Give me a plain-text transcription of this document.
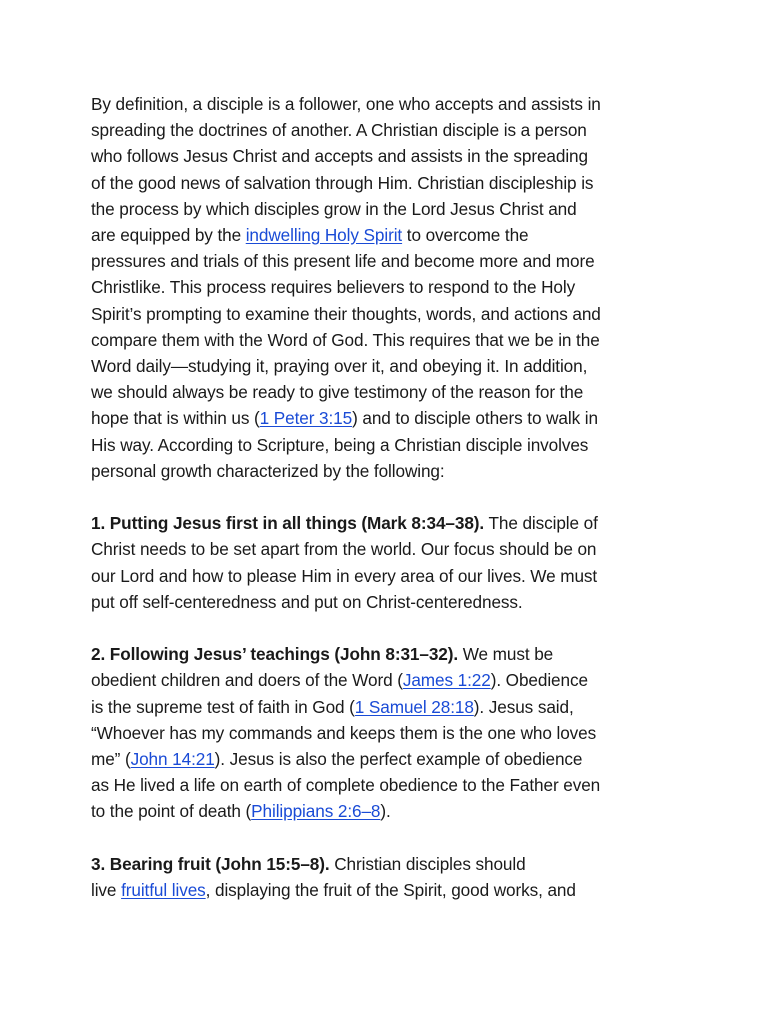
By definition, a disciple is a follower, one who accepts and assists in
spreading the doctrines of another. A Christian disciple is a person
who follows Jesus Christ and accepts and assists in the spreading
of the good news of salvation through Him. Christian discipleship is
the process by which disciples grow in the Lord Jesus Christ and
are equipped by the indwelling Holy Spirit to overcome the
pressures and trials of this present life and become more and more
Christlike. This process requires believers to respond to the Holy
Spirit’s prompting to examine their thoughts, words, and actions and
compare them with the Word of God. This requires that we be in the
Word daily—studying it, praying over it, and obeying it. In addition,
we should always be ready to give testimony of the reason for the
hope that is within us (1 Peter 3:15) and to disciple others to walk in
His way. According to Scripture, being a Christian disciple involves
personal growth characterized by the following:

1. Putting Jesus first in all things (Mark 8:34–38). The disciple of
Christ needs to be set apart from the world. Our focus should be on
our Lord and how to please Him in every area of our lives. We must
put off self-centeredness and put on Christ-centeredness.

2. Following Jesus’ teachings (John 8:31–32). We must be
obedient children and doers of the Word (James 1:22). Obedience
is the supreme test of faith in God (1 Samuel 28:18). Jesus said,
“Whoever has my commands and keeps them is the one who loves
me” (John 14:21). Jesus is also the perfect example of obedience
as He lived a life on earth of complete obedience to the Father even
to the point of death (Philippians 2:6–8).

3. Bearing fruit (John 15:5–8). Christian disciples should
live fruitful lives, displaying the fruit of the Spirit, good works, and
